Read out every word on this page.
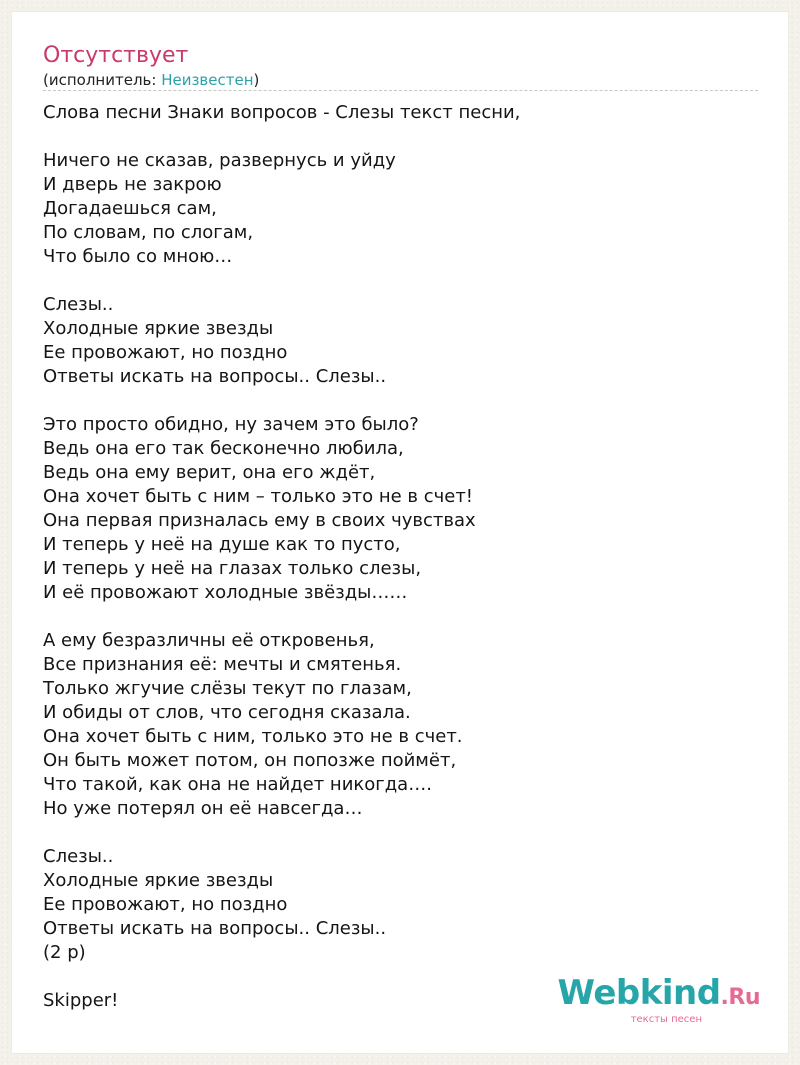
Отсутствует
(исполнитель: Неизвестен)
Слова песни Знаки вопросов - Слезы текст песни,

Ничего не сказав, развернусь и уйду
И дверь не закрою
Догадаешься сам,
По словам, по слогам,
Что было со мною…

Слезы..
Холодные яркие звезды
Ее провожают, но поздно
Ответы искать на вопросы.. Слезы..

Это просто обидно, ну зачем это было?
Ведь она его так бесконечно любила,
Ведь она ему верит, она его ждёт,
Она хочет быть с ним – только это не в счет!
Она первая призналась ему в своих чувствах
И теперь у неё на душе как то пусто,
И теперь у неё на глазах только слезы,
И её провожают холодные звёзды……

А ему безразличны её откровенья,
Все признания её: мечты и смятенья.
Только жгучие слёзы текут по глазам,
И обиды от слов, что сегодня сказала.
Она хочет быть с ним, только это не в счет.
Он быть может потом, он попозже поймёт,
Что такой, как она не найдет никогда….
Но уже потерял он её навсегда…

Слезы..
Холодные яркие звезды
Ее провожают, но поздно
Ответы искать на вопросы.. Слезы..
(2 р)

Skipper!	Webkind.Ru
тексты песен
